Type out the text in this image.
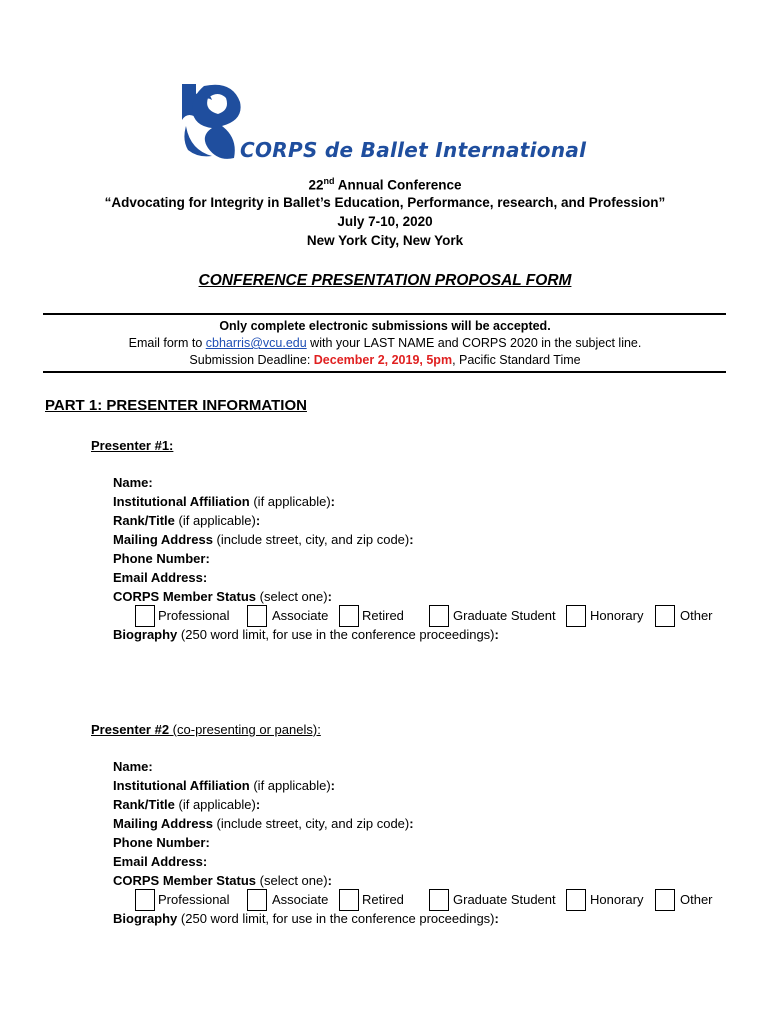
CORPS de Ballet International
22nd Annual Conference
“Advocating for Integrity in Ballet’s Education, Performance, research, and Profession”
July 7-10, 2020
New York City, New York
CONFERENCE PRESENTATION PROPOSAL FORM
Only complete electronic submissions will be accepted.
Email form to cbharris@vcu.edu with your LAST NAME and CORPS 2020 in the subject line.
Submission Deadline: December 2, 2019, 5pm, Pacific Standard Time
PART 1: PRESENTER INFORMATION
Presenter #1:
Name:
Institutional Affiliation (if applicable):
Rank/Title (if applicable):
Mailing Address (include street, city, and zip code):
Phone Number:
Email Address:
CORPS Member Status (select one):
Professional	Associate	Retired	Graduate Student	Honorary	Other
Biography (250 word limit, for use in the conference proceedings):
Presenter #2 (co-presenting or panels):
Name:
Institutional Affiliation (if applicable):
Rank/Title (if applicable):
Mailing Address (include street, city, and zip code):
Phone Number:
Email Address:
CORPS Member Status (select one):
Professional	Associate	Retired	Graduate Student	Honorary	Other
Biography (250 word limit, for use in the conference proceedings):
